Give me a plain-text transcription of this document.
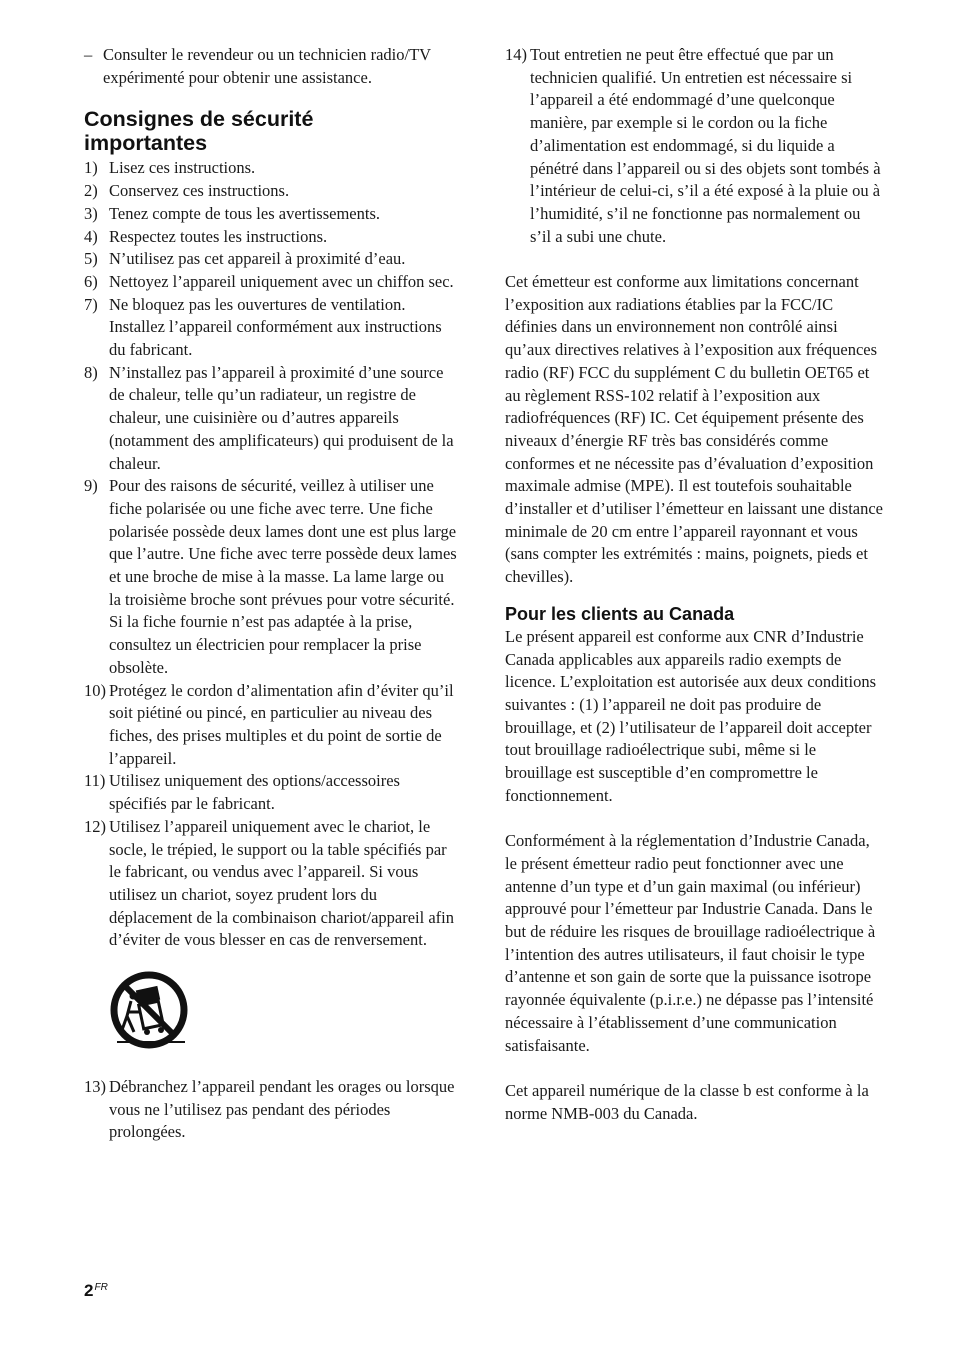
– Consulter le revendeur ou un technicien radio/TV expérimenté pour obtenir une assistance.
Consignes de sécurité
importantes
1) Lisez ces instructions.
2) Conservez ces instructions.
3) Tenez compte de tous les avertissements.
4) Respectez toutes les instructions.
5) N’utilisez pas cet appareil à proximité d’eau.
6) Nettoyez l’appareil uniquement avec un chiffon sec.
7) Ne bloquez pas les ouvertures de ventilation. Installez l’appareil conformément aux instructions du fabricant.
8) N’installez pas l’appareil à proximité d’une source de chaleur, telle qu’un radiateur, un registre de chaleur, une cuisinière ou d’autres appareils (notamment des amplificateurs) qui produisent de la chaleur.
9) Pour des raisons de sécurité, veillez à utiliser une fiche polarisée ou une fiche avec terre. Une fiche polarisée possède deux lames dont une est plus large que l’autre. Une fiche avec terre possède deux lames et une broche de mise à la masse. La lame large ou la troisième broche sont prévues pour votre sécurité. Si la fiche fournie n’est pas adaptée à la prise, consultez un électricien pour remplacer la prise obsolète.
10) Protégez le cordon d’alimentation afin d’éviter qu’il soit piétiné ou pincé, en particulier au niveau des fiches, des prises multiples et du point de sortie de l’appareil.
11) Utilisez uniquement des options/accessoires spécifiés par le fabricant.
12) Utilisez l’appareil uniquement avec le chariot, le socle, le trépied, le support ou la table spécifiés par le fabricant, ou vendus avec l’appareil. Si vous utilisez un chariot, soyez prudent lors du déplacement de la combinaison chariot/appareil afin d’éviter de vous blesser en cas de renversement.
13) Débranchez l’appareil pendant les orages ou lorsque vous ne l’utilisez pas pendant des périodes prolongées.
14) Tout entretien ne peut être effectué que par un technicien qualifié. Un entretien est nécessaire si l’appareil a été endommagé d’une quelconque manière, par exemple si le cordon ou la fiche d’alimentation est endommagé, si du liquide a pénétré dans l’appareil ou si des objets sont tombés à l’intérieur de celui-ci, s’il a été exposé à la pluie ou à l’humidité, s’il ne fonctionne pas normalement ou s’il a subi une chute.

Cet émetteur est conforme aux limitations concernant l’exposition aux radiations établies par la FCC/IC définies dans un environnement non contrôlé ainsi qu’aux directives relatives à l’exposition aux fréquences radio (RF) FCC du supplément C du bulletin OET65 et au règlement RSS-102 relatif à l’exposition aux radiofréquences (RF) IC. Cet équipement présente des niveaux d’énergie RF très bas considérés comme conformes et ne nécessite pas d’évaluation d’exposition maximale admise (MPE). Il est toutefois souhaitable d’installer et d’utiliser l’émetteur en laissant une distance minimale de 20 cm entre l’appareil rayonnant et vous (sans compter les extrémités : mains, poignets, pieds et chevilles).

Pour les clients au Canada

Le présent appareil est conforme aux CNR d’Industrie Canada applicables aux appareils radio exempts de licence. L’exploitation est autorisée aux deux conditions suivantes : (1) l’appareil ne doit pas produire de brouillage, et (2) l’utilisateur de l’appareil doit accepter tout brouillage radioélectrique subi, même si le brouillage est susceptible d’en compromettre le fonctionnement.

Conformément à la réglementation d’Industrie Canada, le présent émetteur radio peut fonctionner avec une antenne d’un type et d’un gain maximal (ou inférieur) approuvé pour l’émetteur par Industrie Canada. Dans le but de réduire les risques de brouillage radioélectrique à l’intention des autres utilisateurs, il faut choisir le type d’antenne et son gain de sorte que la puissance isotrope rayonnée équivalente (p.i.r.e.) ne dépasse pas l’intensité nécessaire à l’établissement d’une communication satisfaisante.

Cet appareil numérique de la classe b est conforme à la norme NMB-003 du Canada.

$2^{FR}$
